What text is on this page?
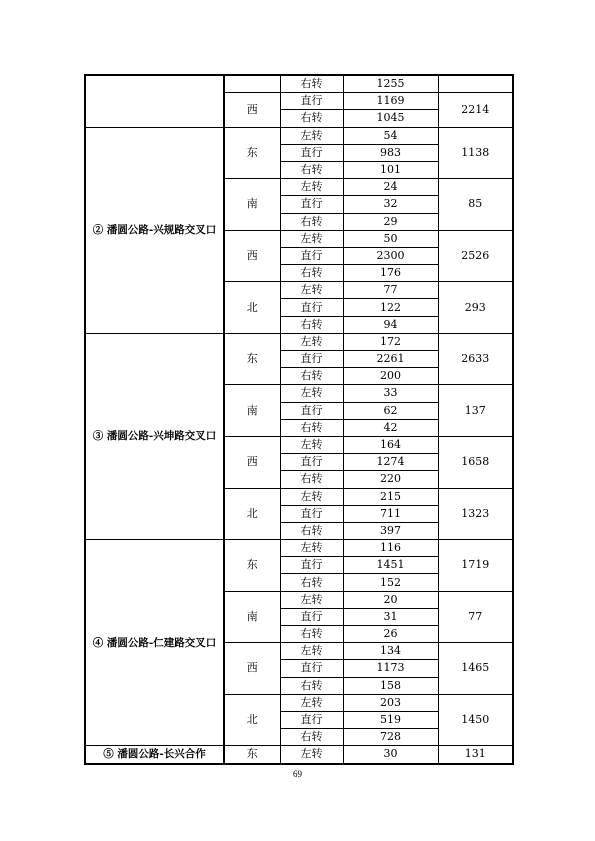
		右转	1255	
	西	直行	1169	2214
		右转	1045	
② 潘圆公路-兴规路交叉口	东	左转	54	1138
		直行	983	
		右转	101	
	南	左转	24	85
		直行	32	
		右转	29	
	西	左转	50	2526
		直行	2300	
		右转	176	
	北	左转	77	293
		直行	122	
		右转	94	
③ 潘圆公路-兴坤路交叉口	东	左转	172	2633
		直行	2261	
		右转	200	
	南	左转	33	137
		直行	62	
		右转	42	
	西	左转	164	1658
		直行	1274	
		右转	220	
	北	左转	215	1323
		直行	711	
		右转	397	
④ 潘圆公路-仁建路交叉口	东	左转	116	1719
		直行	1451	
		右转	152	
	南	左转	20	77
		直行	31	
		右转	26	
	西	左转	134	1465
		直行	1173	
		右转	158	
	北	左转	203	1450
		直行	519	
		右转	728	
⑤ 潘圆公路-长兴合作	东	左转	30	131
69
